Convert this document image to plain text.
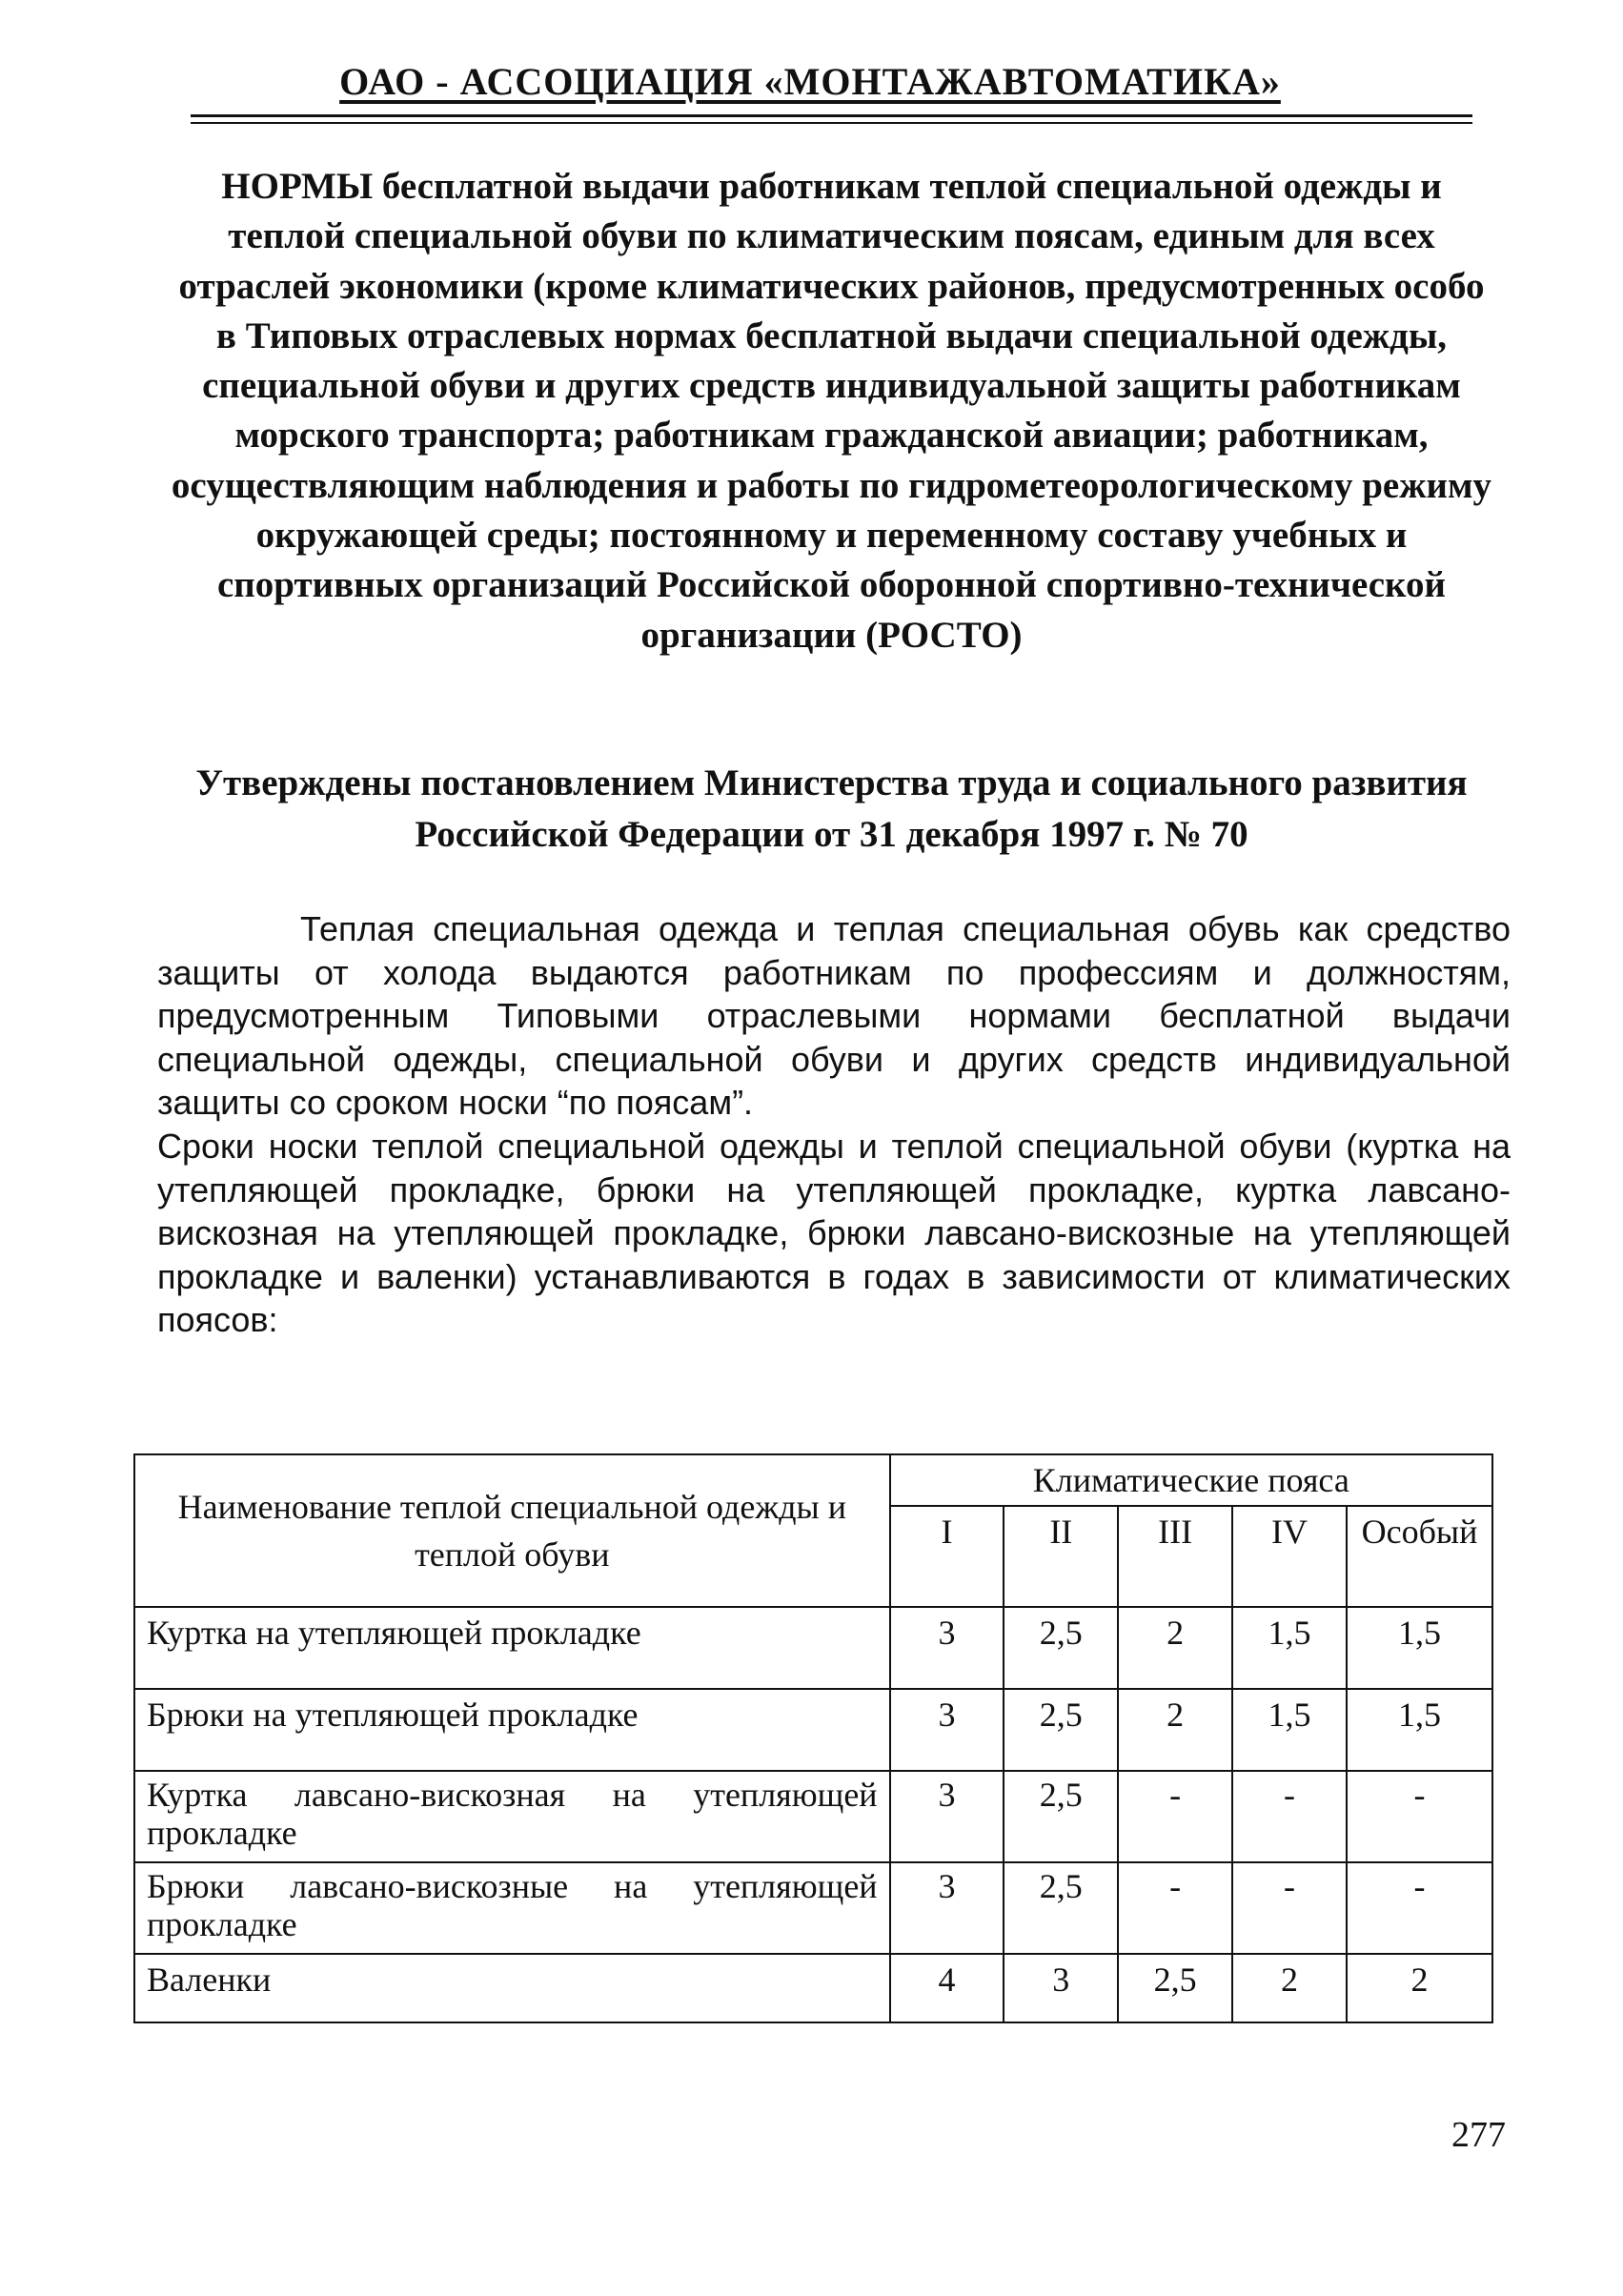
ОАО - АССОЦИАЦИЯ «МОНТАЖАВТОМАТИКА»

НОРМЫ бесплатной выдачи работникам теплой специальной одежды и теплой специальной обуви по климатическим поясам, единым для всех отраслей экономики (кроме климатических районов, предусмотренных особо в Типовых отраслевых нормах бесплатной выдачи специальной одежды, специальной обуви и других средств индивидуальной защиты работникам морского транспорта; работникам гражданской авиации; работникам, осуществляющим наблюдения и работы по гидрометеорологическому режиму окружающей среды; постоянному и переменному составу учебных и спортивных организаций Российской оборонной спортивно-технической организации (РОСТО)

Утверждены постановлением Министерства труда и социального развития Российской Федерации от 31 декабря 1997 г. № 70

Теплая специальная одежда и теплая специальная обувь как средство защиты от холода выдаются работникам по профессиям и должностям, предусмотренным Типовыми отраслевыми нормами бесплатной выдачи специальной одежды, специальной обуви и других средств индивидуальной защиты со сроком носки “по поясам”.

Сроки носки теплой специальной одежды и теплой специальной обуви (куртка на утепляющей прокладке, брюки на утепляющей прокладке, куртка лавсано-вискозная на утепляющей прокладке, брюки лавсано-вискозные на утепляющей прокладке и валенки) устанавливаются в годах в зависимости от климатических поясов:

Наименование теплой специальной одежды и теплой обуви	Климатические пояса				
	I	II	III	IV	Особый
Куртка на утепляющей прокладке	3	2,5	2	1,5	1,5
Брюки на утепляющей прокладке	3	2,5	2	1,5	1,5
Куртка лавсано-вискозная на утепляющей прокладке	3	2,5	-	-	-
Брюки лавсано-вискозные на утепляющей прокладке	3	2,5	-	-	-
Валенки	4	3	2,5	2	2
277
